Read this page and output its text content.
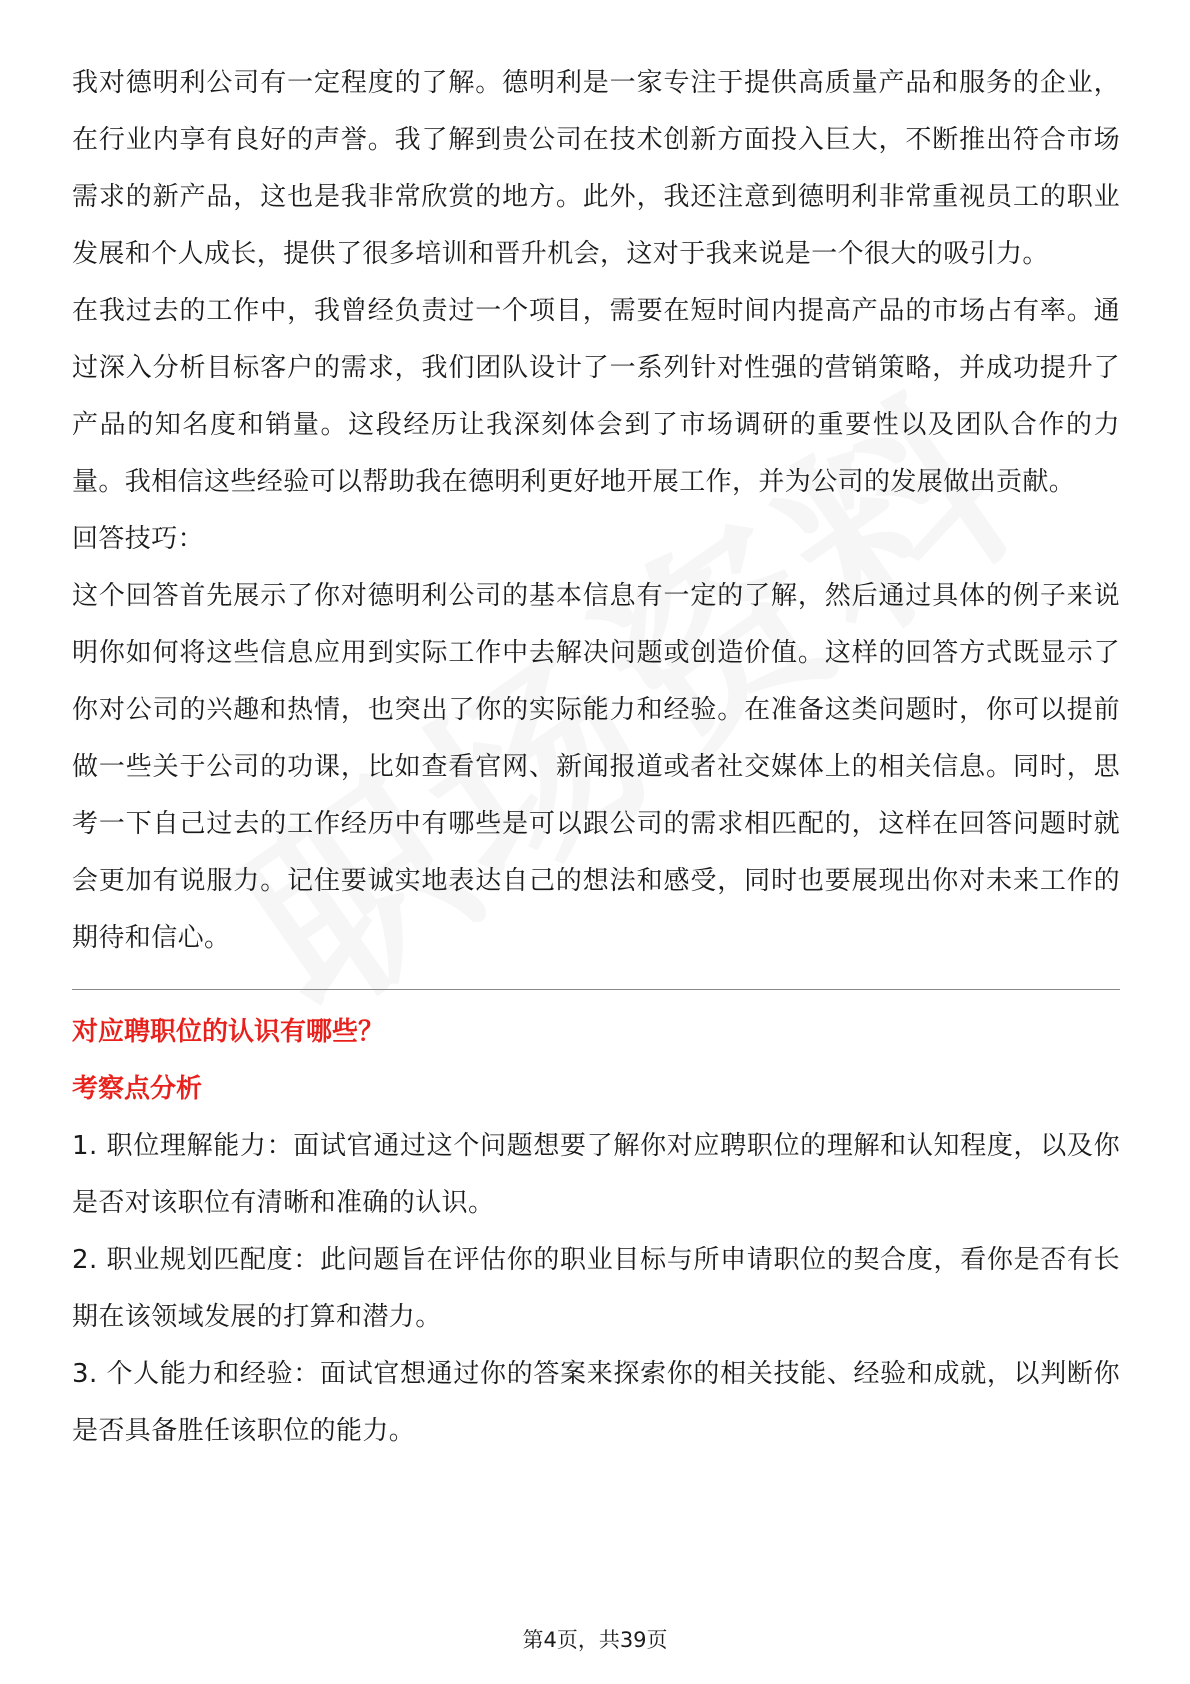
我对德明利公司有一定程度的了解。德明利是一家专注于提供高质量产品和服务的企业，在行业内享有良好的声誉。我了解到贵公司在技术创新方面投入巨大，不断推出符合市场需求的新产品，这也是我非常欣赏的地方。此外，我还注意到德明利非常重视员工的职业发展和个人成长，提供了很多培训和晋升机会，这对于我来说是一个很大的吸引力。

在我过去的工作中，我曾经负责过一个项目，需要在短时间内提高产品的市场占有率。通过深入分析目标客户的需求，我们团队设计了一系列针对性强的营销策略，并成功提升了产品的知名度和销量。这段经历让我深刻体会到了市场调研的重要性以及团队合作的力量。我相信这些经验可以帮助我在德明利更好地开展工作，并为公司的发展做出贡献。

回答技巧：

这个回答首先展示了你对德明利公司的基本信息有一定的了解，然后通过具体的例子来说明你如何将这些信息应用到实际工作中去解决问题或创造价值。这样的回答方式既显示了你对公司的兴趣和热情，也突出了你的实际能力和经验。在准备这类问题时，你可以提前做一些关于公司的功课，比如查看官网、新闻报道或者社交媒体上的相关信息。同时，思考一下自己过去的工作经历中有哪些是可以跟公司的需求相匹配的，这样在回答问题时就会更加有说服力。记住要诚实地表达自己的想法和感受，同时也要展现出你对未来工作的期待和信心。

对应聘职位的认识有哪些？
考察点分析

1. 职位理解能力：面试官通过这个问题想要了解你对应聘职位的理解和认知程度，以及你是否对该职位有清晰和准确的认识。

2. 职业规划匹配度：此问题旨在评估你的职业目标与所申请职位的契合度，看你是否有长期在该领域发展的打算和潜力。

3. 个人能力和经验：面试官想通过你的答案来探索你的相关技能、经验和成就，以判断你是否具备胜任该职位的能力。

第4页，共39页
